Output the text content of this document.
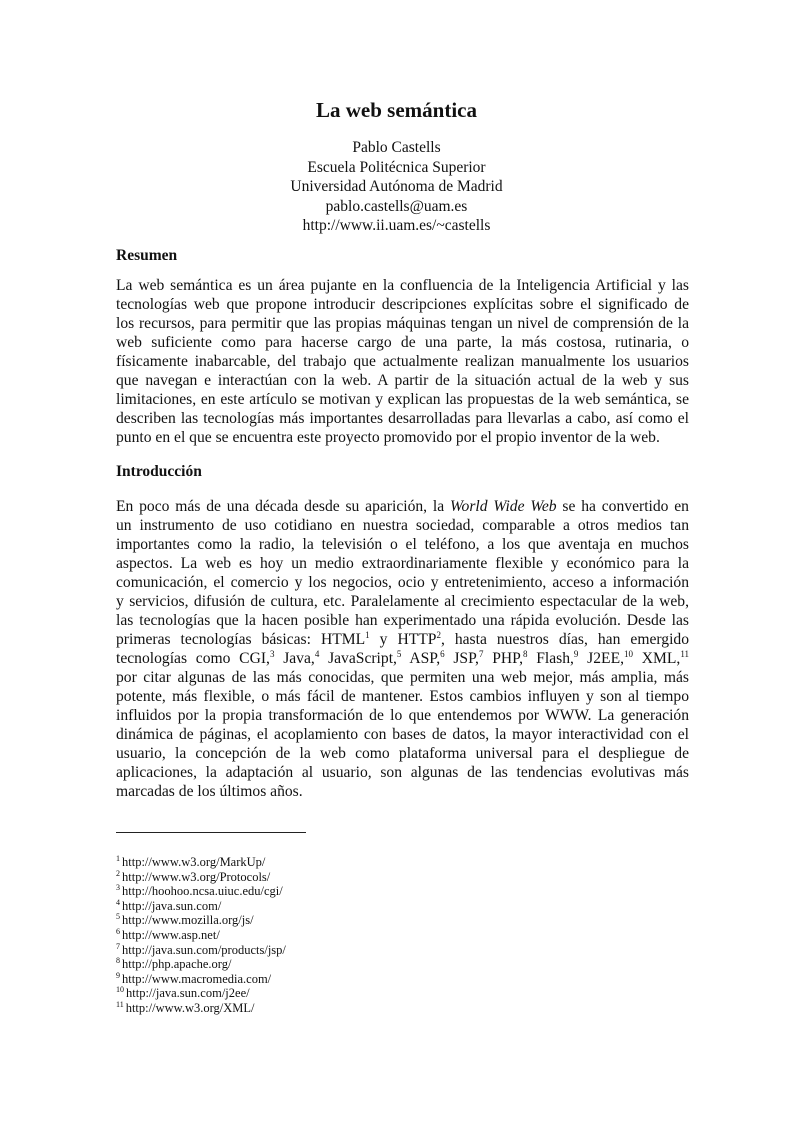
La web semántica
Pablo Castells
Escuela Politécnica Superior
Universidad Autónoma de Madrid
pablo.castells@uam.es
http://www.ii.uam.es/~castells
Resumen
La web semántica es un área pujante en la confluencia de la Inteligencia Artificial y las
tecnologías web que propone introducir descripciones explícitas sobre el significado de
los recursos, para permitir que las propias máquinas tengan un nivel de comprensión de la
web suficiente como para hacerse cargo de una parte, la más costosa, rutinaria, o
físicamente inabarcable, del trabajo que actualmente realizan manualmente los usuarios
que navegan e interactúan con la web. A partir de la situación actual de la web y sus
limitaciones, en este artículo se motivan y explican las propuestas de la web semántica, se
describen las tecnologías más importantes desarrolladas para llevarlas a cabo, así como el
punto en el que se encuentra este proyecto promovido por el propio inventor de la web.
Introducción
En poco más de una década desde su aparición, la World Wide Web se ha convertido en
un instrumento de uso cotidiano en nuestra sociedad, comparable a otros medios tan
importantes como la radio, la televisión o el teléfono, a los que aventaja en muchos
aspectos. La web es hoy un medio extraordinariamente flexible y económico para la
comunicación, el comercio y los negocios, ocio y entretenimiento, acceso a información
y servicios, difusión de cultura, etc. Paralelamente al crecimiento espectacular de la web,
las tecnologías que la hacen posible han experimentado una rápida evolución. Desde las
primeras tecnologías básicas: HTML$^1$ y HTTP$^2$, hasta nuestros días, han emergido
tecnologías como CGI,$^3$ Java,$^4$ JavaScript,$^5$ ASP,$^6$ JSP,$^7$ PHP,$^8$ Flash,$^9$ J2EE,$^{10}$ XML,$^{11}$
por citar algunas de las más conocidas, que permiten una web mejor, más amplia, más
potente, más flexible, o más fácil de mantener. Estos cambios influyen y son al tiempo
influidos por la propia transformación de lo que entendemos por WWW. La generación
dinámica de páginas, el acoplamiento con bases de datos, la mayor interactividad con el
usuario, la concepción de la web como plataforma universal para el despliegue de
aplicaciones, la adaptación al usuario, son algunas de las tendencias evolutivas más
marcadas de los últimos años.
$^1$ http://www.w3.org/MarkUp/
$^2$ http://www.w3.org/Protocols/
$^3$ http://hoohoo.ncsa.uiuc.edu/cgi/
$^4$ http://java.sun.com/
$^5$ http://www.mozilla.org/js/
$^6$ http://www.asp.net/
$^7$ http://java.sun.com/products/jsp/
$^8$ http://php.apache.org/
$^9$ http://www.macromedia.com/
$^{10}$ http://java.sun.com/j2ee/
$^{11}$ http://www.w3.org/XML/
